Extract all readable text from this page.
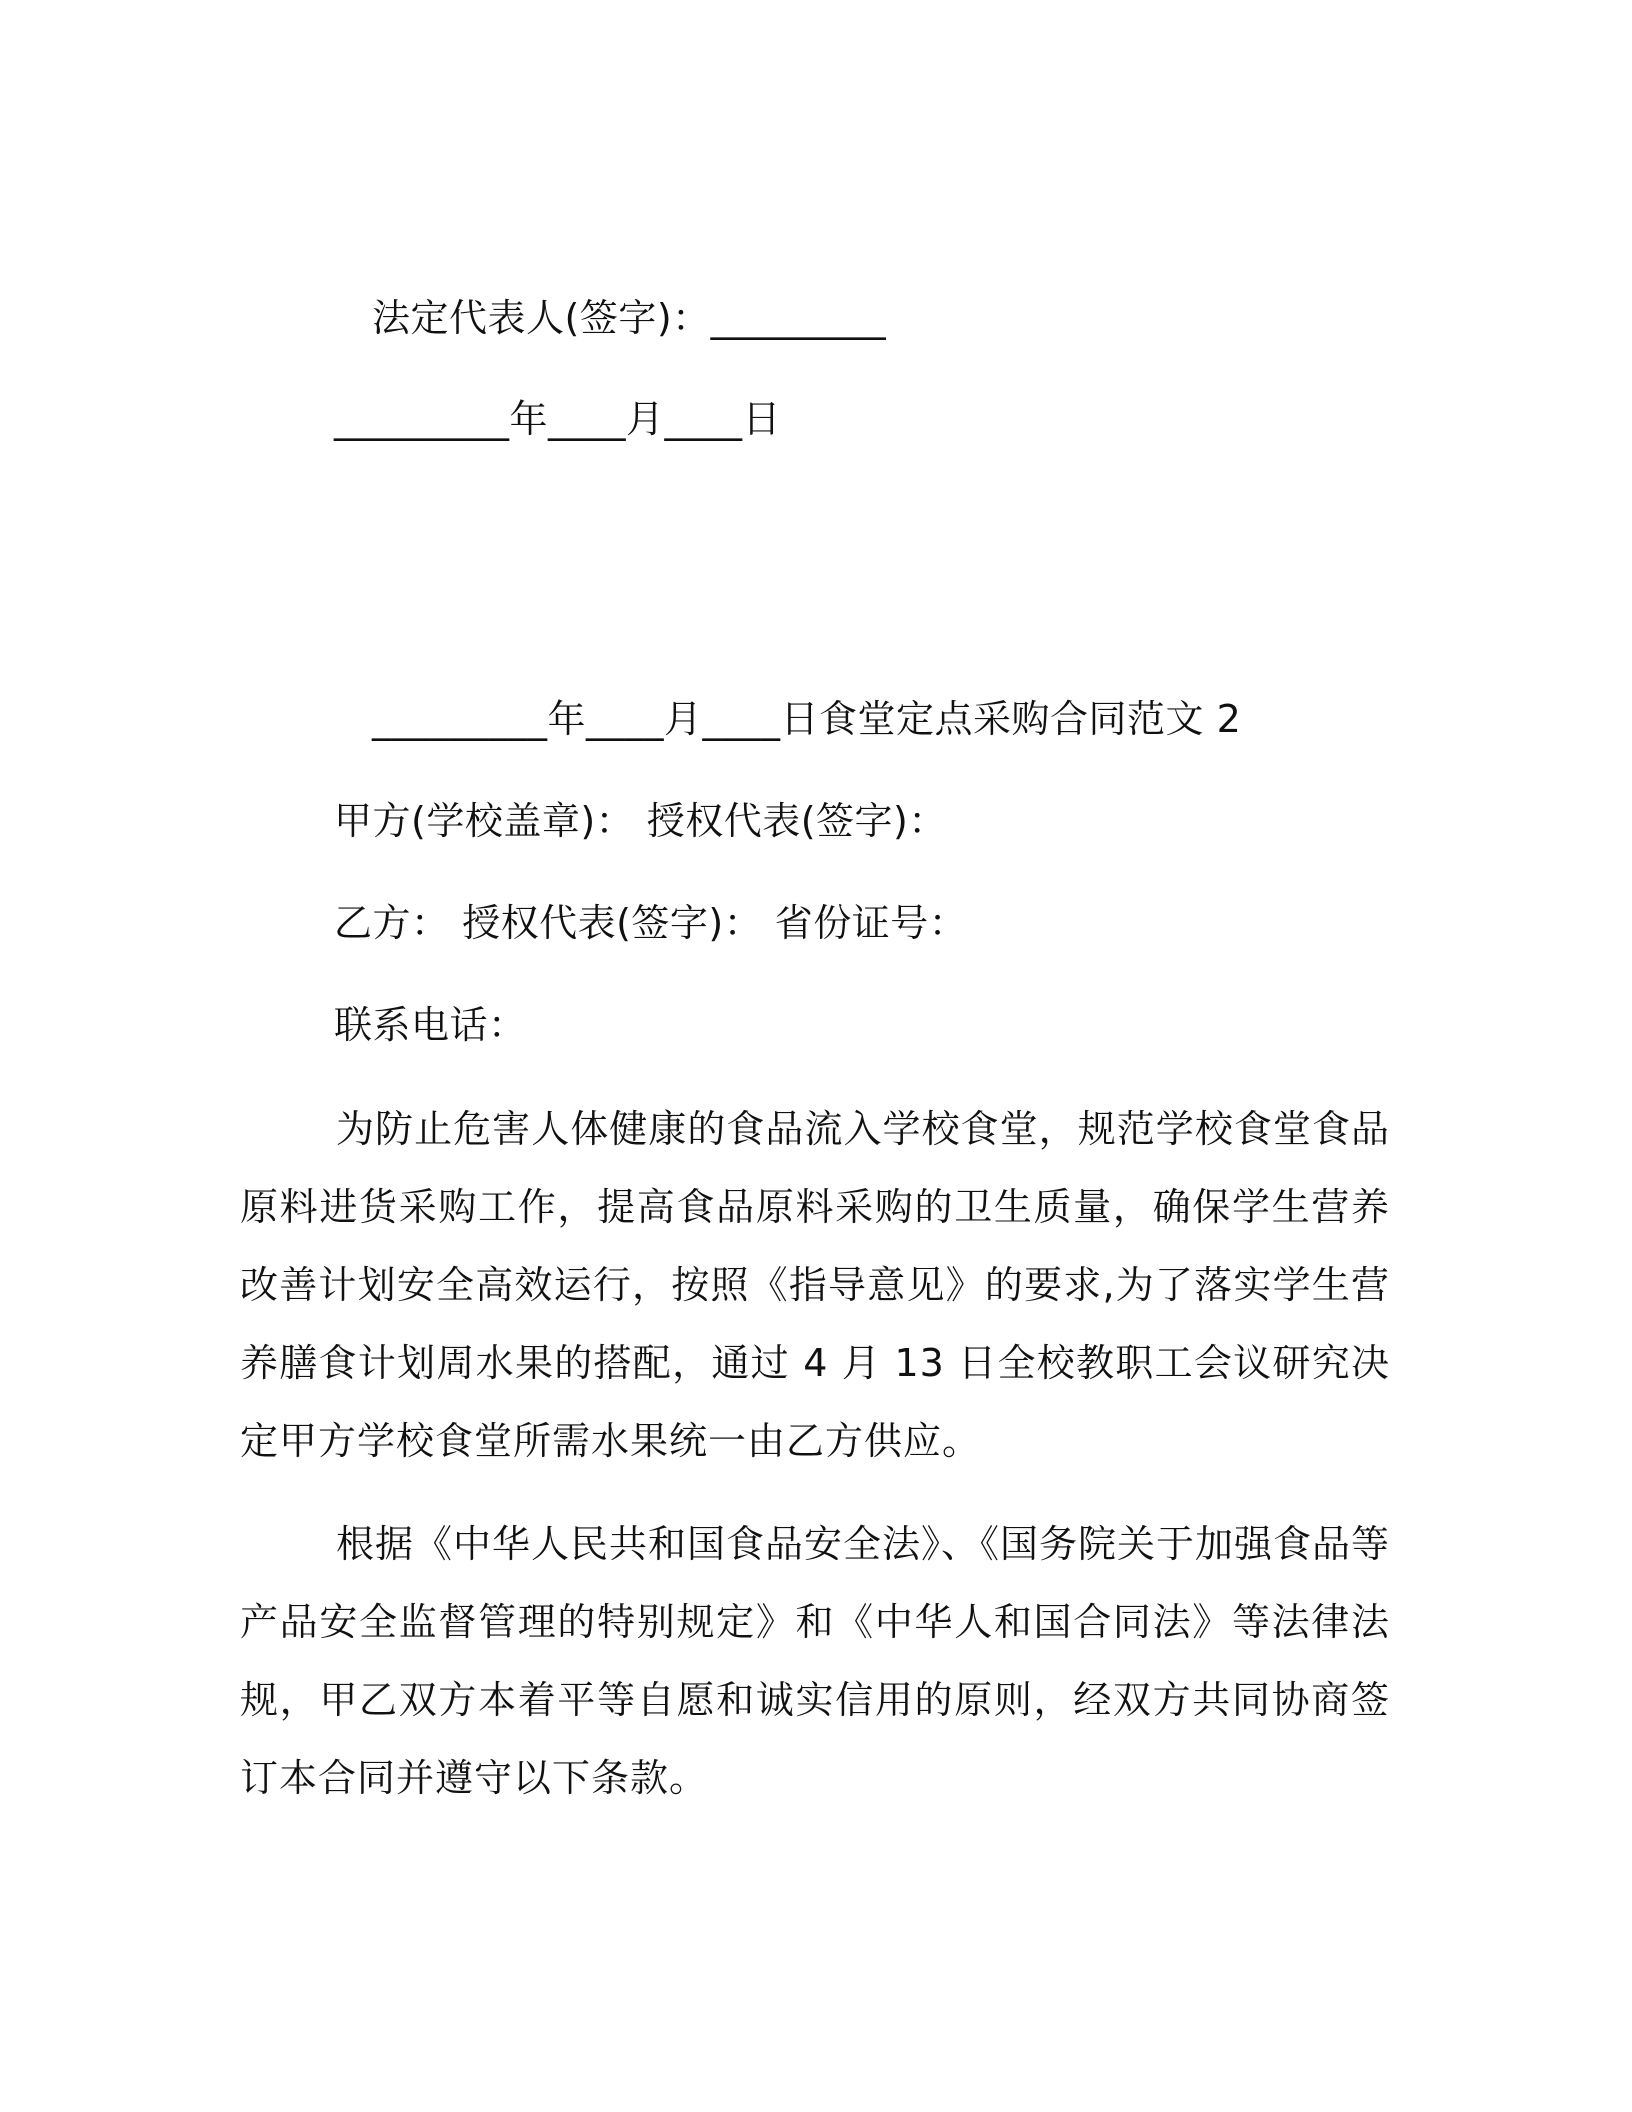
法定代表人(签字)：_________
_________年____月____日
_________年____月____日食堂定点采购合同范文 2
甲方(学校盖章)： 授权代表(签字)：
乙方： 授权代表(签字)： 省份证号：
联系电话：

为防止危害人体健康的食品流入学校食堂，规范学校食堂食品原料进货采购工作，提高食品原料采购的卫生质量，确保学生营养改善计划安全高效运行，按照《指导意见》的要求,为了落实学生营养膳食计划周水果的搭配，通过 4 月 13 日全校教职工会议研究决定甲方学校食堂所需水果统一由乙方供应。

根据《中华人民共和国食品安全法》、《国务院关于加强食品等产品安全监督管理的特别规定》和《中华人和国合同法》等法律法规，甲乙双方本着平等自愿和诚实信用的原则，经双方共同协商签订本合同并遵守以下条款。
